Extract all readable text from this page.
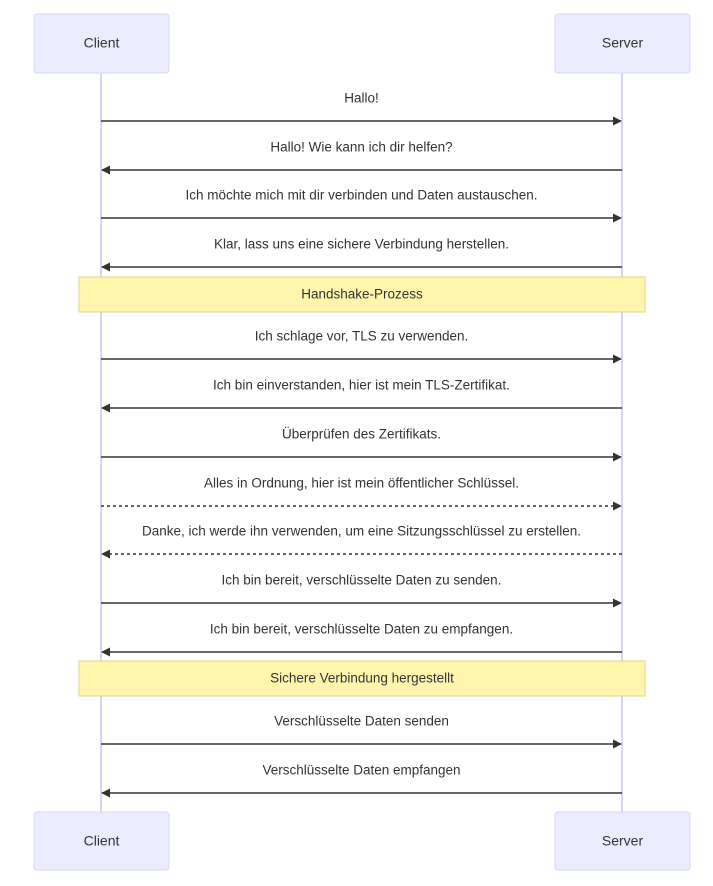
Client	Server
Client	Server
Hallo!
Hallo! Wie kann ich dir helfen?
Ich möchte mich mit dir verbinden und Daten austauschen.
Klar, lass uns eine sichere Verbindung herstellen.
Handshake-Prozess
Ich schlage vor, TLS zu verwenden.
Ich bin einverstanden, hier ist mein TLS-Zertifikat.
Überprüfen des Zertifikats.
Alles in Ordnung, hier ist mein öffentlicher Schlüssel.
Danke, ich werde ihn verwenden, um eine Sitzungsschlüssel zu erstellen.
Ich bin bereit, verschlüsselte Daten zu senden.
Ich bin bereit, verschlüsselte Daten zu empfangen.
Sichere Verbindung hergestellt
Verschlüsselte Daten senden
Verschlüsselte Daten empfangen
